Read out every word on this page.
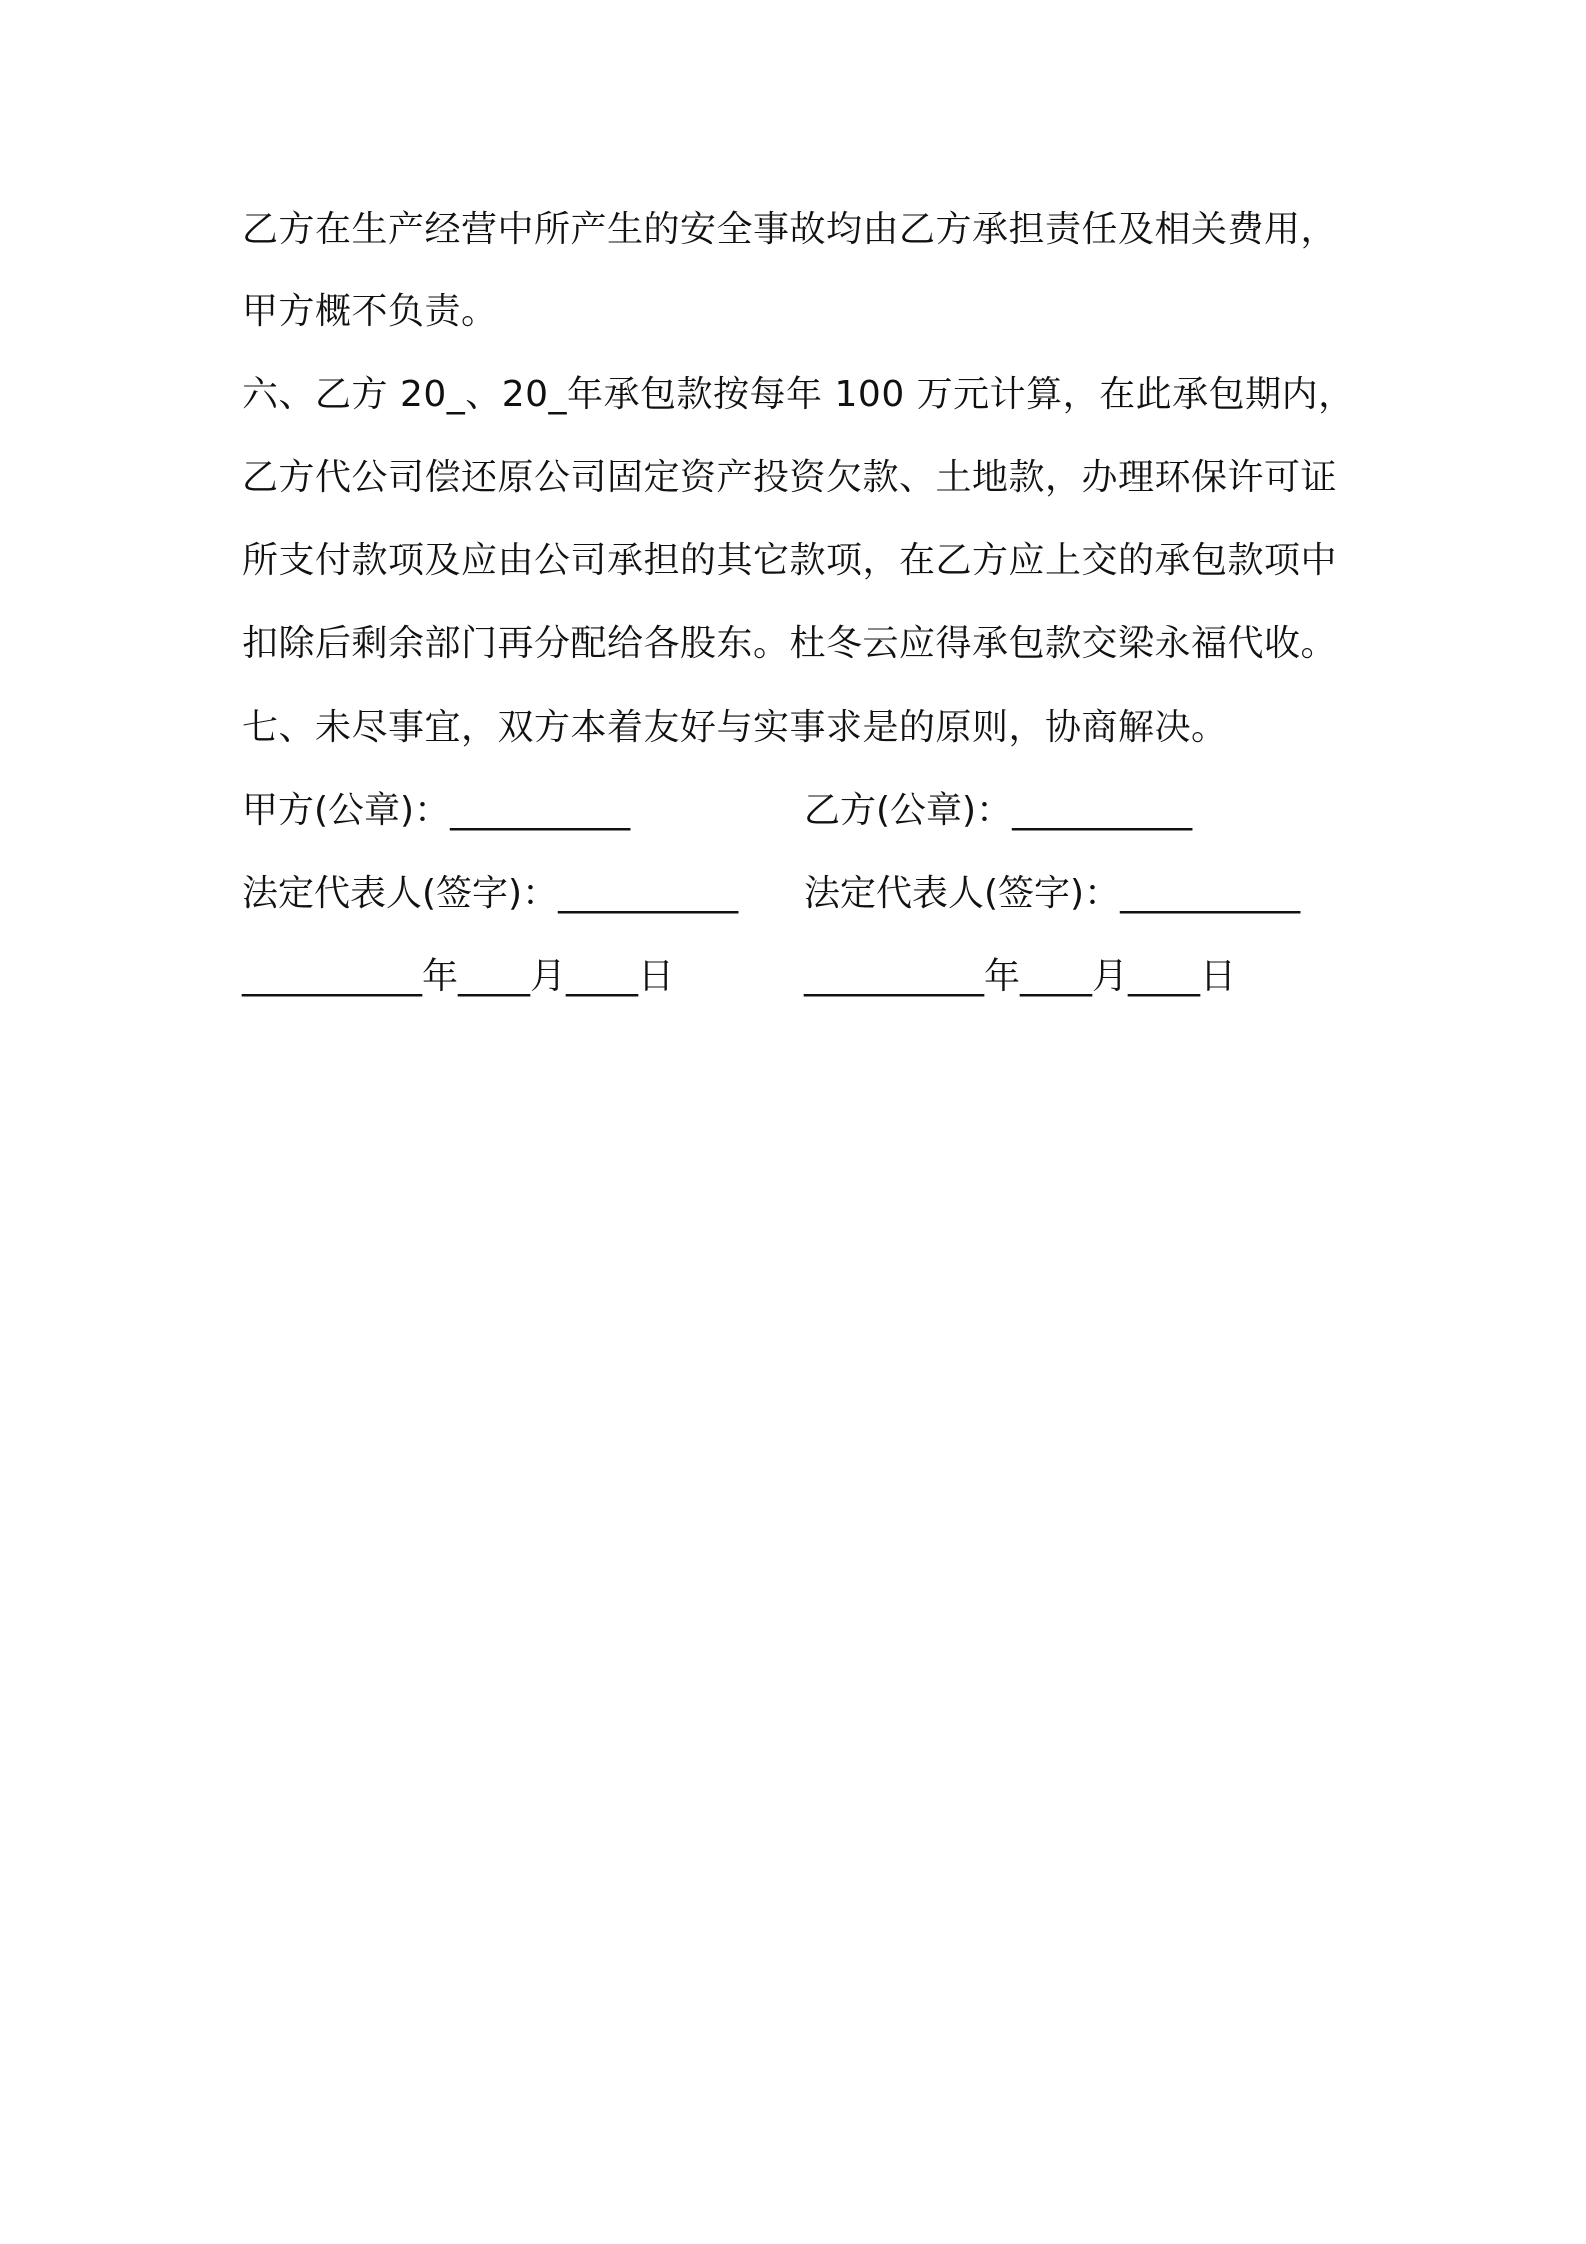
乙方在生产经营中所产生的安全事故均由乙方承担责任及相关费用，
甲方概不负责。
六、乙方 20_、20_年承包款按每年 100 万元计算，在此承包期内，
乙方代公司偿还原公司固定资产投资欠款、土地款，办理环保许可证
所支付款项及应由公司承担的其它款项，在乙方应上交的承包款项中
扣除后剩余部门再分配给各股东。杜冬云应得承包款交梁永福代收。
七、未尽事宜，双方本着友好与实事求是的原则，协商解决。
甲方(公章)：__________	乙方(公章)：__________
法定代表人(签字)：__________ 法定代表人(签字)：__________
__________年____月____日	__________年____月____日
